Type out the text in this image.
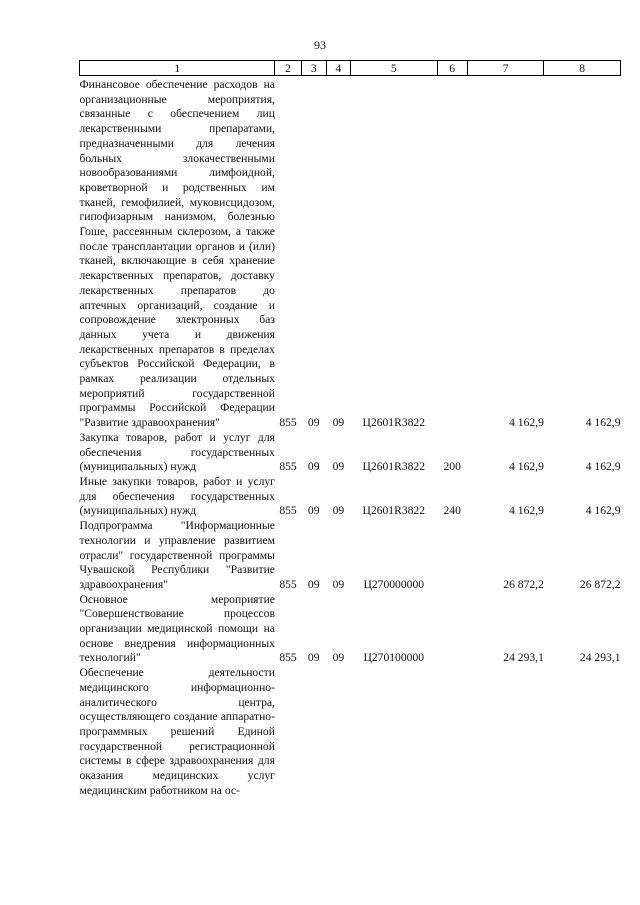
93
1	2	3	4	5	6	7	8

Финансовое обеспечение расходов на организационные мероприятия, связанные с обеспечением лиц лекарственными препаратами, предназначенными для лечения больных злокачественными новообразованиями лимфоидной, кроветворной и родственных им тканей, гемофилией, муковисцидозом, гипофизарным нанизмом, болезнью Гоше, рассеянным склерозом, а также после трансплантации органов и (или) тканей, включающие в себя хранение лекарственных препаратов, доставку лекарственных препаратов до аптечных организаций, создание и сопровождение электронных баз данных учета и движения лекарственных препаратов в пределах субъектов Российской Федерации, в рамках реализации отдельных мероприятий государственной программы Российской Федерации "Развитие здравоохранения"	855	09	09	Ц2601R3822		4 162,9	4 162,9
Закупка товаров, работ и услуг для обеспечения государственных (муниципальных) нужд	855	09	09	Ц2601R3822	200	4 162,9	4 162,9
Иные закупки товаров, работ и услуг для обеспечения государственных (муниципальных) нужд	855	09	09	Ц2601R3822	240	4 162,9	4 162,9
Подпрограмма "Информационные технологии и управление развитием отрасли" государственной программы Чувашской Республики "Развитие здравоохранения"	855	09	09	Ц270000000		26 872,2	26 872,2
Основное мероприятие "Совершенствование процессов организации медицинской помощи на основе внедрения информационных технологий"	855	09	09	Ц270100000		24 293,1	24 293,1
Обеспечение деятельности медицинского информационно-аналитического центра, осуществляющего создание аппаратно-программных решений Единой государственной регистрационной системы в сфере здравоохранения для оказания медицинских услуг медицинским работником на ос-							
